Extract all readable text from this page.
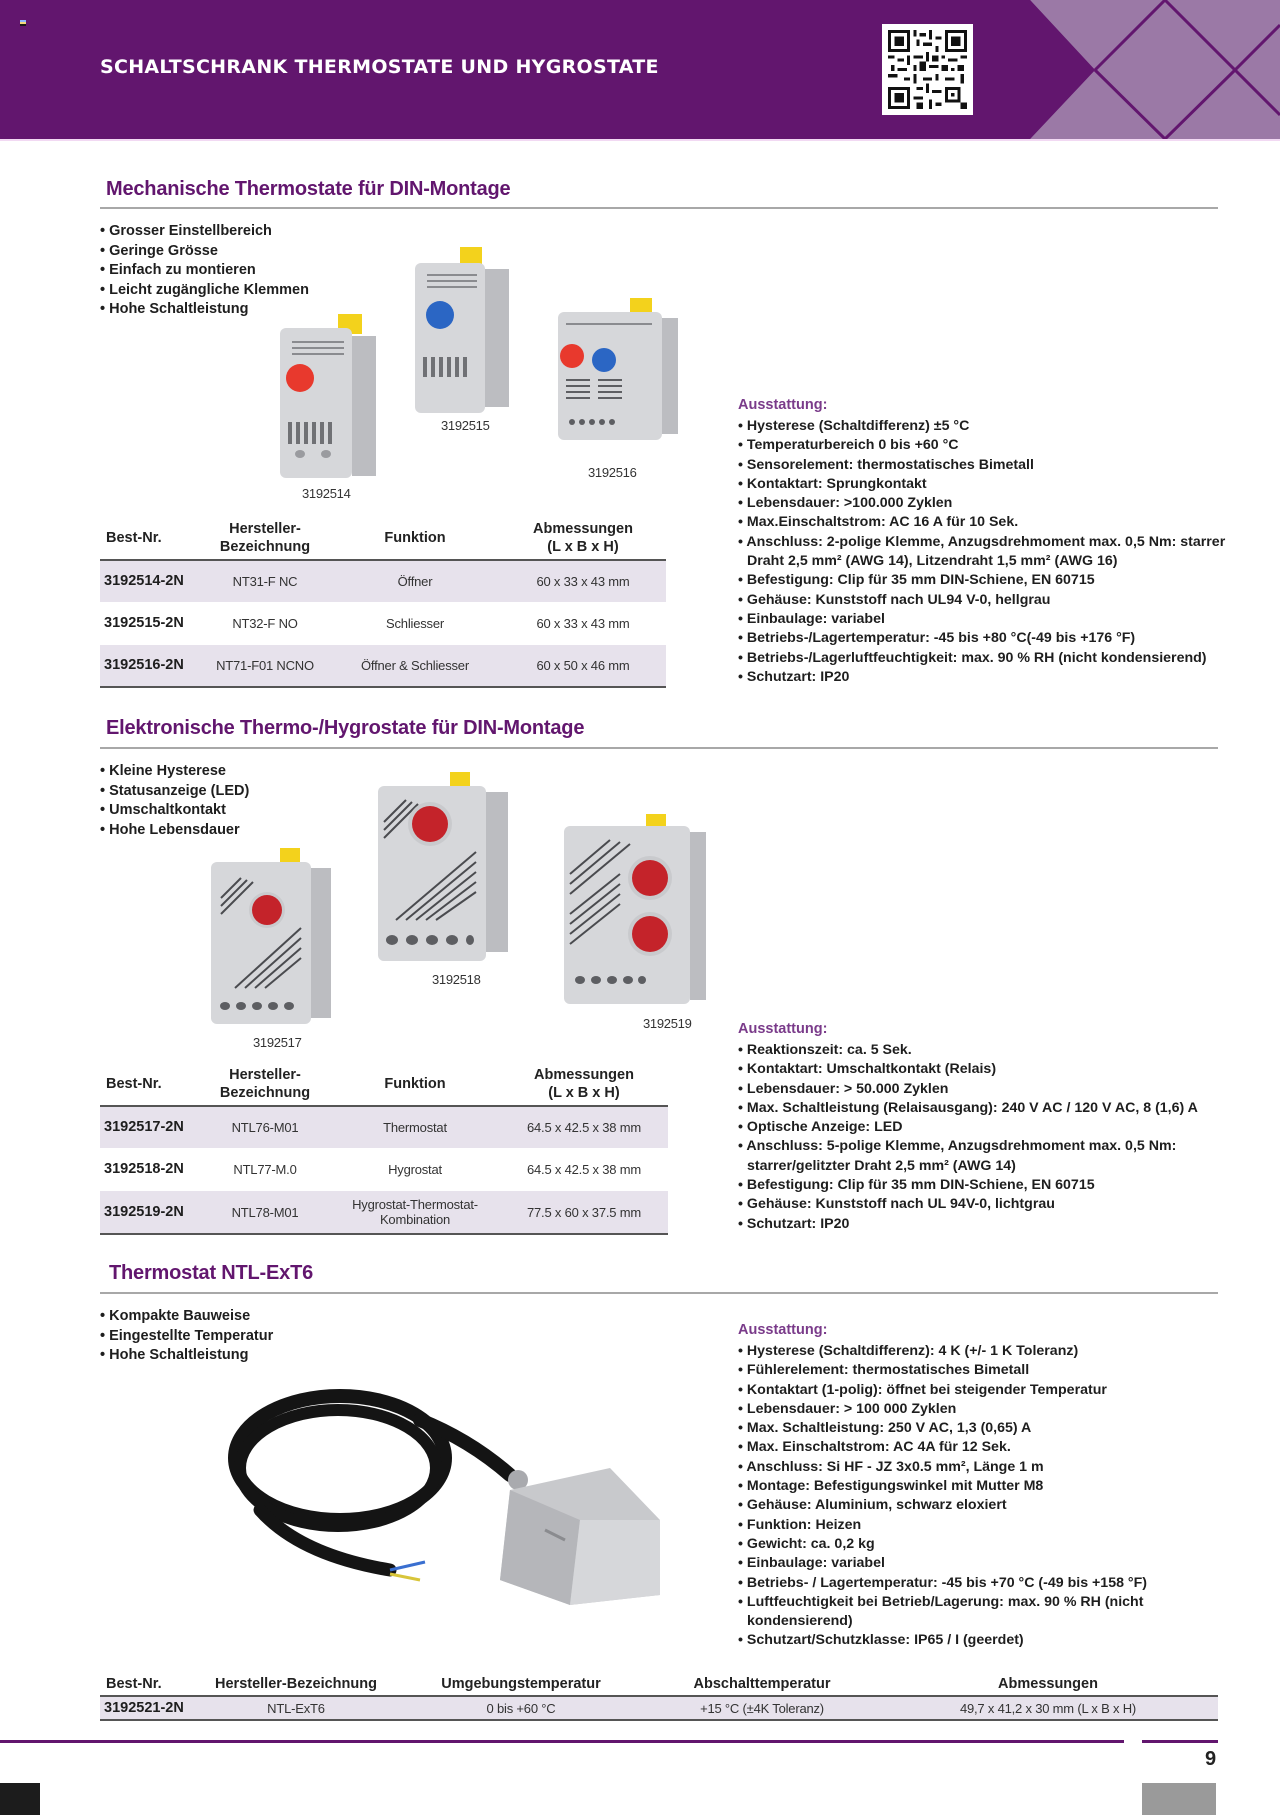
SCHALTSCHRANK THERMOSTATE UND HYGROSTATE
Mechanische Thermostate für DIN-Montage
• Grosser Einstellbereich
• Geringe Grösse
• Einfach zu montieren
• Leicht zugängliche Klemmen
• Hohe Schaltleistung
3192514
3192515
3192516
Best-Nr.	Hersteller-
Bezeichnung	Funktion	Abmessungen
(L x B x H)
3192514-2N	NT31-F NC	Öffner	60 x 33 x 43 mm
3192515-2N	NT32-F NO	Schliesser	60 x 33 x 43 mm
3192516-2N	NT71-F01 NCNO	Öffner & Schliesser	60 x 50 x 46 mm
Ausstattung:
• Hysterese (Schaltdifferenz) ±5 °C
• Temperaturbereich 0 bis +60 °C
• Sensorelement: thermostatisches Bimetall
• Kontaktart: Sprungkontakt
• Lebensdauer: >100.000 Zyklen
• Max.Einschaltstrom: AC 16 A für 10 Sek.
• Anschluss: 2-polige Klemme, Anzugsdrehmoment max. 0,5 Nm: starrer Draht 2,5 mm² (AWG 14), Litzendraht 1,5 mm² (AWG 16)
• Befestigung: Clip für 35 mm DIN-Schiene, EN 60715
• Gehäuse: Kunststoff nach UL94 V-0, hellgrau
• Einbaulage: variabel
• Betriebs-/Lagertemperatur: -45 bis +80 °C(-49 bis +176 °F)
• Betriebs-/Lagerluftfeuchtigkeit: max. 90 % RH (nicht kondensierend)
• Schutzart: IP20
Elektronische Thermo-/Hygrostate für DIN-Montage
• Kleine Hysterese
• Statusanzeige (LED)
• Umschaltkontakt
• Hohe Lebensdauer
3192517
3192518
3192519
Best-Nr.	Hersteller-
Bezeichnung	Funktion	Abmessungen
(L x B x H)
3192517-2N	NTL76-M01	Thermostat	64.5 x 42.5 x 38 mm
3192518-2N	NTL77-M.0	Hygrostat	64.5 x 42.5 x 38 mm
3192519-2N	NTL78-M01	Hygrostat-Thermostat-
Kombination	77.5 x 60 x 37.5 mm
Ausstattung:
• Reaktionszeit: ca. 5 Sek.
• Kontaktart: Umschaltkontakt (Relais)
• Lebensdauer: > 50.000 Zyklen
• Max. Schaltleistung (Relaisausgang): 240 V AC / 120 V AC, 8 (1,6) A
• Optische Anzeige: LED
• Anschluss: 5-polige Klemme, Anzugsdrehmoment max. 0,5 Nm: starrer/gelitzter Draht 2,5 mm² (AWG 14)
• Befestigung: Clip für 35 mm DIN-Schiene, EN 60715
• Gehäuse: Kunststoff nach UL 94V-0, lichtgrau
• Schutzart: IP20
Thermostat NTL-ExT6
• Kompakte Bauweise
• Eingestellte Temperatur
• Hohe Schaltleistung
Ausstattung:
• Hysterese (Schaltdifferenz): 4 K (+/- 1 K Toleranz)
• Fühlerelement: thermostatisches Bimetall
• Kontaktart (1-polig): öffnet bei steigender Temperatur
• Lebensdauer: > 100 000 Zyklen
• Max. Schaltleistung: 250 V AC, 1,3 (0,65) A
• Max. Einschaltstrom: AC 4A für 12 Sek.
• Anschluss: Si HF - JZ 3x0.5 mm², Länge 1 m
• Montage: Befestigungswinkel mit Mutter M8
• Gehäuse: Aluminium, schwarz eloxiert
• Funktion: Heizen
• Gewicht: ca. 0,2 kg
• Einbaulage: variabel
• Betriebs- / Lagertemperatur: -45 bis +70 °C (-49 bis +158 °F)
• Luftfeuchtigkeit bei Betrieb/Lagerung: max. 90 % RH (nicht kondensierend)
• Schutzart/Schutzklasse: IP65 / I (geerdet)
Best-Nr.	Hersteller-Bezeichnung	Umgebungstemperatur	Abschalttemperatur	Abmessungen
3192521-2N	NTL-ExT6	0 bis +60 °C	+15 °C (±4K Toleranz)	49,7 x 41,2 x 30 mm (L x B x H)
9
